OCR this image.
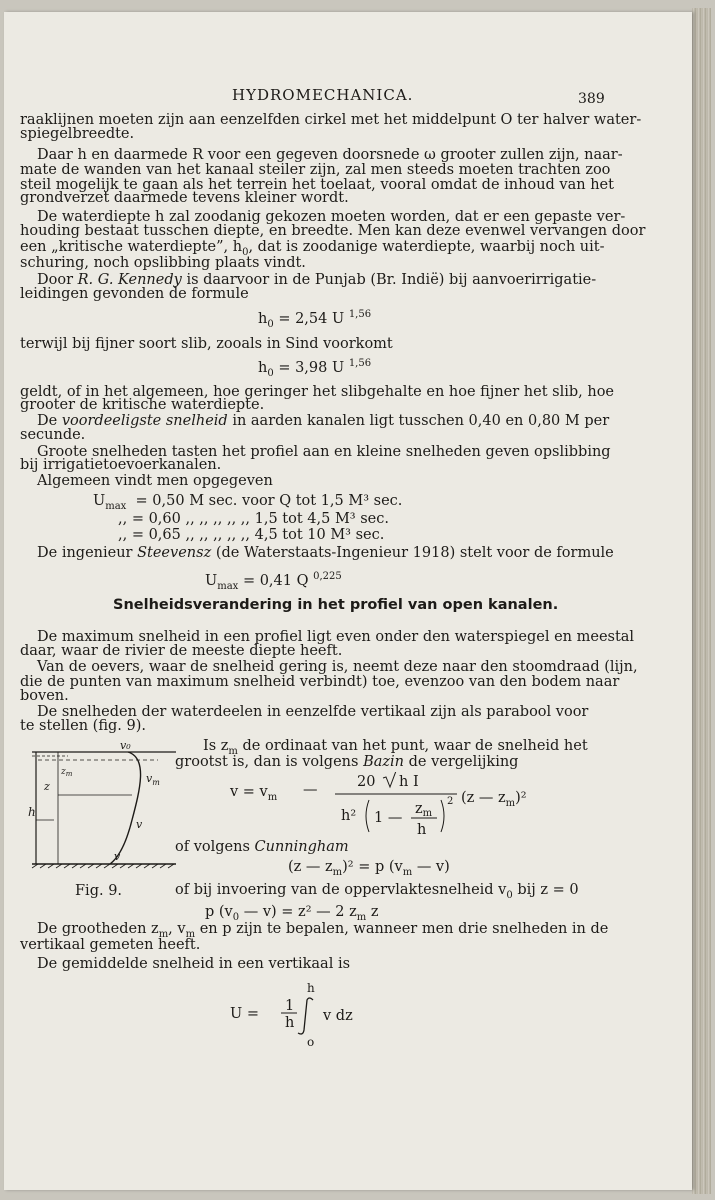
HYDROMECHANICA.	389
raaklijnen moeten zijn aan eenzelfden cirkel met het middelpunt O ter halver water-
spiegelbreedte.
Daar h en daarmede R voor een gegeven doorsnede ω grooter zullen zijn, naar-
mate de wanden van het kanaal steiler zijn, zal men steeds moeten trachten zoo
steil mogelijk te gaan als het terrein het toelaat, vooral omdat de inhoud van het
grondverzet daarmede tevens kleiner wordt.
De waterdiepte h zal zoodanig gekozen moeten worden, dat er een gepaste ver-
houding bestaat tusschen diepte, en breedte. Men kan deze evenwel vervangen door
een „kritische waterdiepte”, $h_0$, dat is zoodanige waterdiepte, waarbij noch uit-
schuring, noch opslibbing plaats vindt.
Door R. G. Kennedy is daarvoor in de Punjab (Br. Indië) bij aanvoerirrigatie-
leidingen gevonden de formule
$h_0 = 2,54$ U $^{1,56}$
terwijl bij fijner soort slib, zooals in Sind voorkomt
$h_0 = 3,98$ U $^{1,56}$
geldt, of in het algemeen, hoe geringer het slibgehalte en hoe fijner het slib, hoe
grooter de kritische waterdiepte.
De voordeeligste snelheid in aarden kanalen ligt tusschen 0,40 en 0,80 M per
secunde.
Groote snelheden tasten het profiel aan en kleine snelheden geven opslibbing
bij irrigatietoevoerkanalen.
Algemeen vindt men opgegeven
$U_{max} = 0,50$ M sec. voor Q tot 1,5 M³ sec.
,, = 0,60 ,, ,, ,, ,, ,, 1,5 tot 4,5 M³ sec.
,, = 0,65 ,, ,, ,, ,, ,, 4,5 tot 10 M³ sec.
De ingenieur Steevensz (de Waterstaats-Ingenieur 1918) stelt voor de formule
$U_{max} = 0,41$ Q $^{0,225}$
Snelheidsverandering in het profiel van open kanalen.
De maximum snelheid in een profiel ligt even onder den waterspiegel en meestal
daar, waar de rivier de meeste diepte heeft.
Van de oevers, waar de snelheid gering is, neemt deze naar den stoomdraad (lijn,
die de punten van maximum snelheid verbindt) toe, evenzoo van den bodem naar
boven.
De snelheden der waterdeelen in eenzelfde vertikaal zijn als parabool voor
te stellen (fig. 9).
Is $z_m$ de ordinaat van het punt, waar de snelheid het
grootst is, dan is volgens Bazin de vergelijking
$v = v_m$ —	20 h I
h² 1 —
$z_m$
h
2 (z — $z_m)^2$
of volgens Cunningham
(z — $z_m)^2 = p$ ($v_m$ — v)
of bij invoering van de oppervlaktesnelheid $v_0$ bij z = 0
p ($v_0$ — v) = z² — 2 $z_m$ z
De grootheden $z_m$, $v_m$ en p zijn te bepalen, wanneer men drie snelheden in de
vertikaal gemeten heeft.
De gemiddelde snelheid in een vertikaal is
h
U = 1
h v dz
o
v₀
$v_m$
v
v
z
$z_m$
h
Fig. 9.
